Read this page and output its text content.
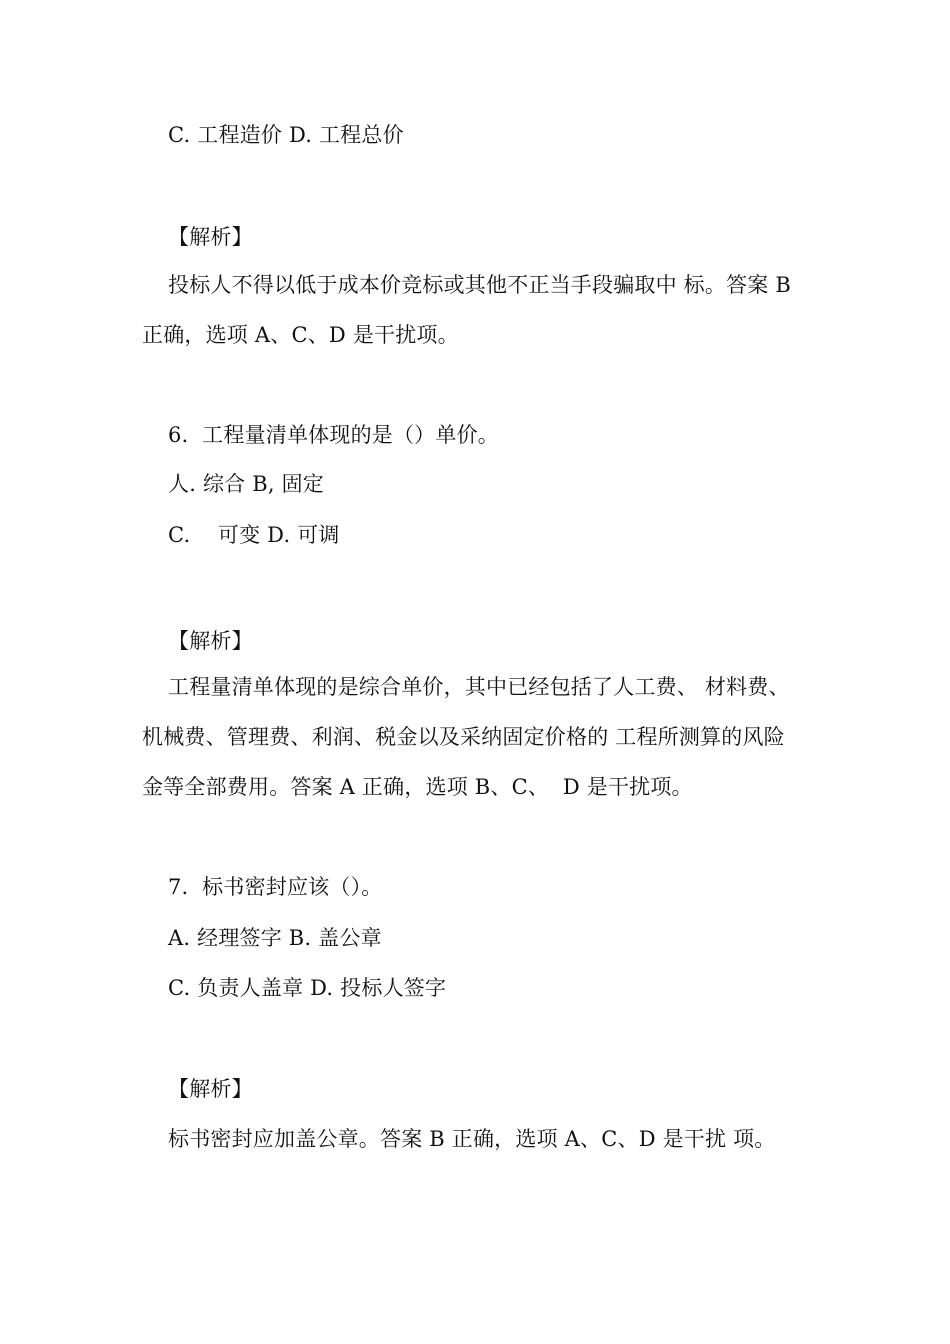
C. 工程造价 D. 工程总价
【解析】
投标人不得以低于成本价竞标或其他不正当手段骗取中 标。答案 B
正确，选项 A、C、D 是干扰项。
6.  工程量清单体现的是（）单价。
人. 综合 B, 固定
C.    可变 D. 可调
【解析】
工程量清单体现的是综合单价，其中已经包括了人工费、 材料费、
机械费、管理费、利润、税金以及采纳固定价格的 工程所测算的风险
金等全部费用。答案 A 正确，选项 B、C、  D 是干扰项。
7.  标书密封应该（）。
A. 经理签字 B. 盖公章
C. 负责人盖章 D. 投标人签字
【解析】
标书密封应加盖公章。答案 B 正确，选项 A、C、D 是干扰 项。
